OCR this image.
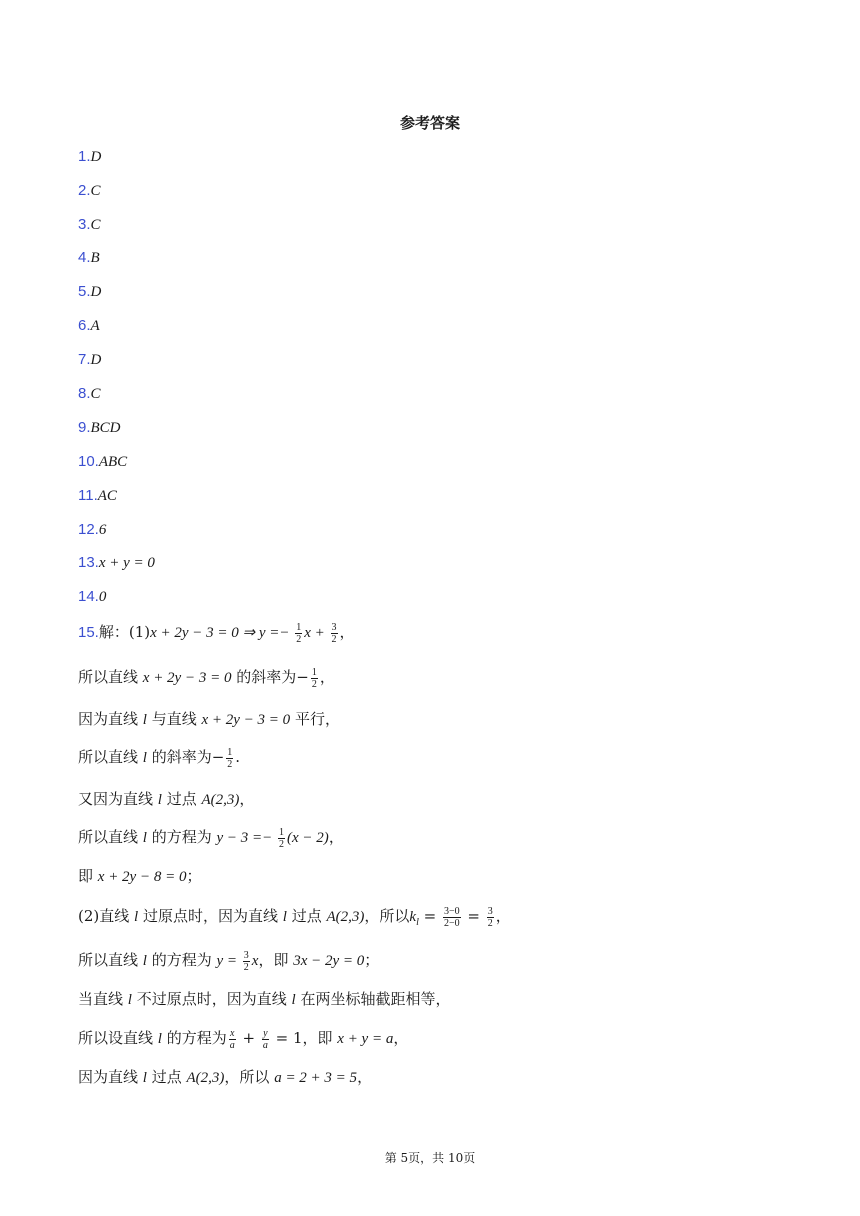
参考答案
1.D
2.C
3.C
4.B
5.D
6.A
7.D
8.C
9.BCD
10.ABC
11.AC
12.6
13.x + y = 0
14.0
15.解：(1)x + 2y − 3 = 0 ⇒ $y =- \frac{1}{2}$ $x + \frac{3}{2}$ ，
所以直线 x + 2y − 3 = 0 的斜率为− $\frac{1}{2}$ ，
因为直线 l 与直线 x + 2y − 3 = 0 平行，
所以直线 l 的斜率为− $\frac{1}{2}$ .
又因为直线 l 过点 A(2,3)，
所以直线 l 的方程为 $y - 3 =- \frac{1}{2} (x - 2)$，
即 x + 2y − 8 = 0；
(2)直线 l 过原点时，因为直线 l 过点 A(2,3)，所以$k_l = \frac{3-0}{2-0} = \frac{3}{2}$ ，
所以直线 l 的方程为 $y = \frac{3}{2}$ x，即 3x − 2y = 0；
当直线 l 不过原点时，因为直线 l 在两坐标轴截距相等，
所以设直线 l 的方程为 $\frac{x}{a} + \frac{y}{a} = 1$，即 x + y = a，
因为直线 l 过点 A(2,3)，所以 a = 2 + 3 = 5，
第 5页，共 10页
